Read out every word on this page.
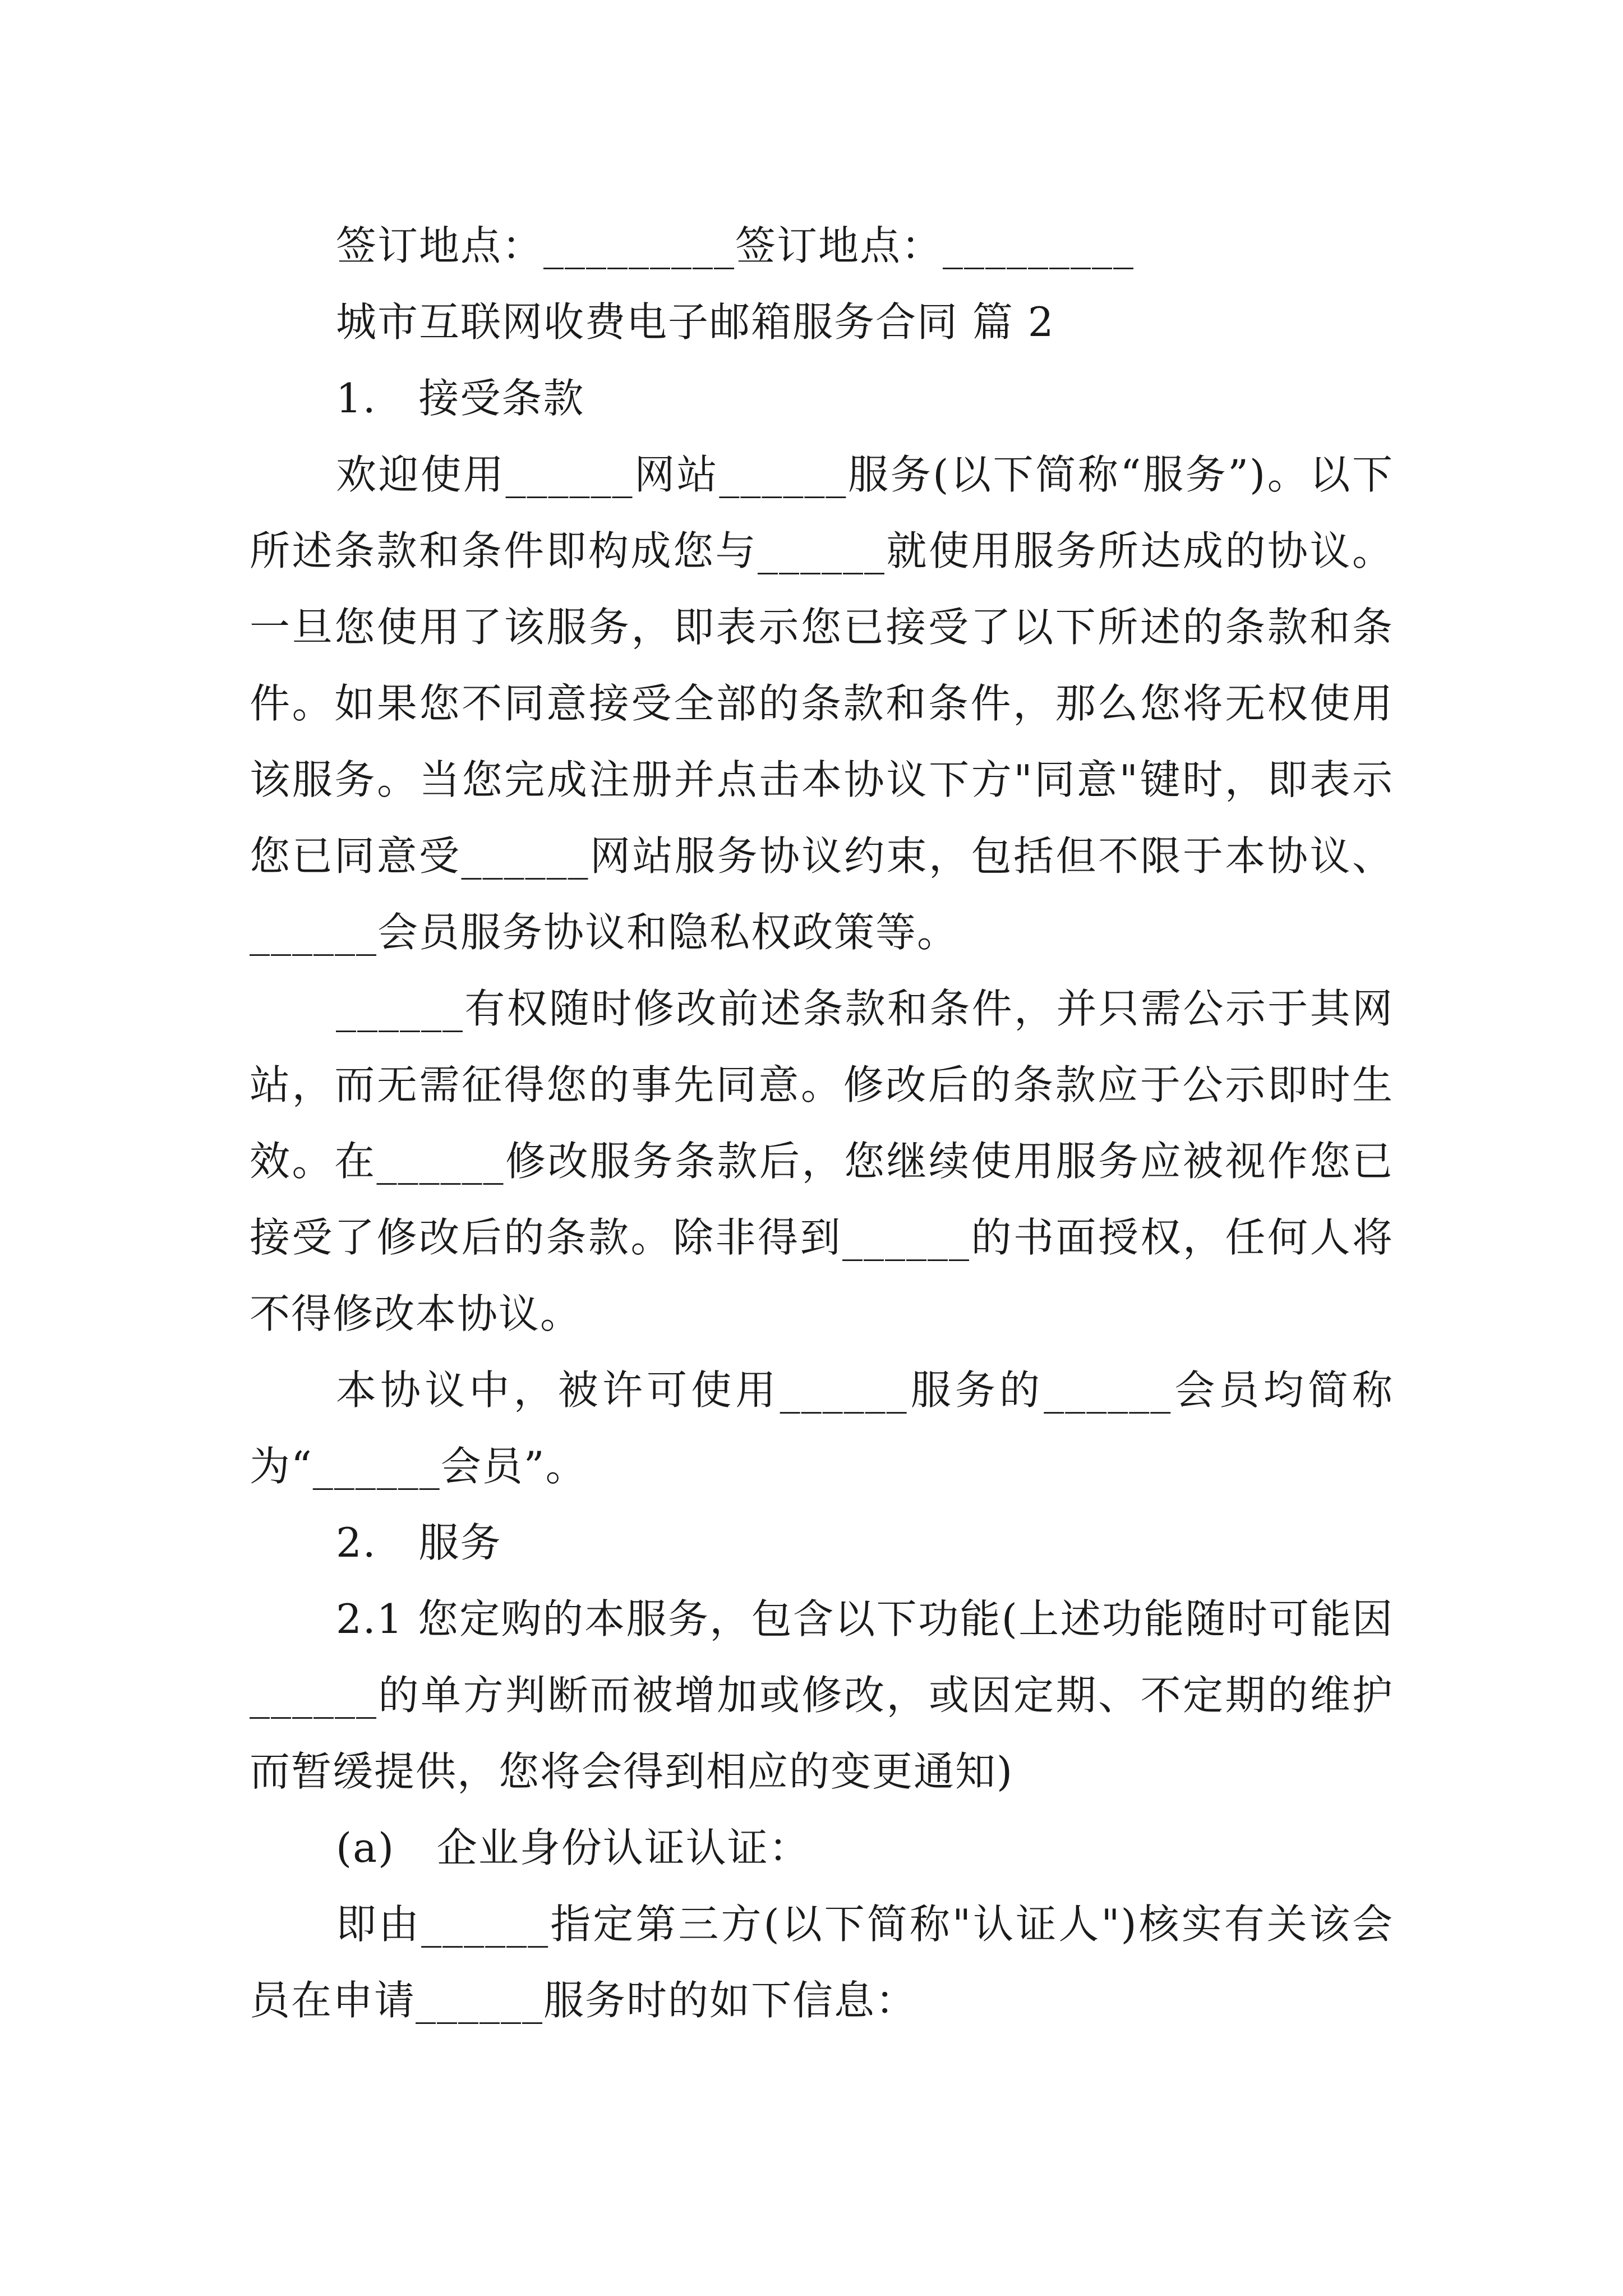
签订地点：_________签订地点：_________
城市互联网收费电子邮箱服务合同 篇 2
1.   接受条款

欢迎使用______网站______服务(以下简称“服务”)。以下所述条款和条件即构成您与______就使用服务所达成的协议。一旦您使用了该服务，即表示您已接受了以下所述的条款和条件。如果您不同意接受全部的条款和条件，那么您将无权使用该服务。当您完成注册并点击本协议下方"同意"键时，即表示您已同意受______网站服务协议约束，包括但不限于本协议、______会员服务协议和隐私权政策等。

______有权随时修改前述条款和条件，并只需公示于其网站，而无需征得您的事先同意。修改后的条款应于公示即时生效。在______修改服务条款后，您继续使用服务应被视作您已接受了修改后的条款。除非得到______的书面授权，任何人将不得修改本协议。

本协议中，被许可使用______服务的______会员均简称为“______会员”。

2.   服务

2.1 您定购的本服务，包含以下功能(上述功能随时可能因______的单方判断而被增加或修改，或因定期、不定期的维护而暂缓提供，您将会得到相应的变更通知)

(a)   企业身份认证认证：

即由______指定第三方(以下简称"认证人")核实有关该会员在申请______服务时的如下信息：
